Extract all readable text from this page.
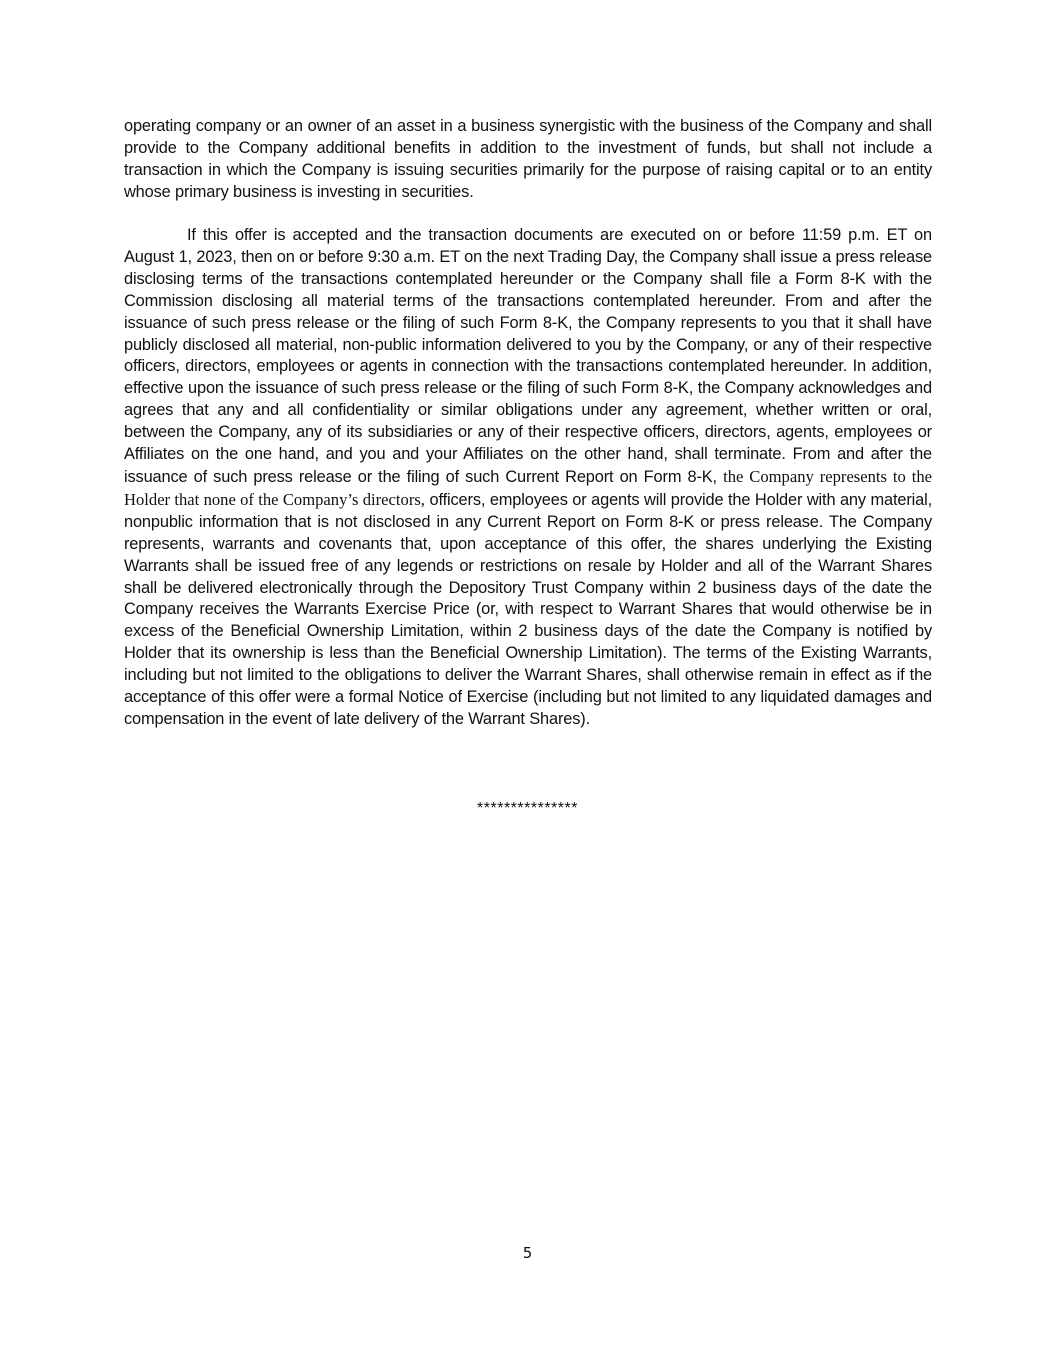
operating company or an owner of an asset in a business synergistic with the business of the Company and shall provide to the Company additional benefits in addition to the investment of funds, but shall not include a transaction in which the Company is issuing securities primarily for the purpose of raising capital or to an entity whose primary business is investing in securities.

If this offer is accepted and the transaction documents are executed on or before 11:59 p.m. ET on August 1, 2023, then on or before 9:30 a.m. ET on the next Trading Day, the Company shall issue a press release disclosing terms of the transactions contemplated hereunder or the Company shall file a Form 8-K with the Commission disclosing all material terms of the transactions contemplated hereunder. From and after the issuance of such press release or the filing of such Form 8-K, the Company represents to you that it shall have publicly disclosed all material, non-public information delivered to you by the Company, or any of their respective officers, directors, employees or agents in connection with the transactions contemplated hereunder. In addition, effective upon the issuance of such press release or the filing of such Form 8-K, the Company acknowledges and agrees that any and all confidentiality or similar obligations under any agreement, whether written or oral, between the Company, any of its subsidiaries or any of their respective officers, directors, agents, employees or Affiliates on the one hand, and you and your Affiliates on the other hand, shall terminate. From and after the issuance of such press release or the filing of such Current Report on Form 8-K, the Company represents to the Holder that none of the Company’s directors, officers, employees or agents will provide the Holder with any material, nonpublic information that is not disclosed in any Current Report on Form 8-K or press release. The Company represents, warrants and covenants that, upon acceptance of this offer, the shares underlying the Existing Warrants shall be issued free of any legends or restrictions on resale by Holder and all of the Warrant Shares shall be delivered electronically through the Depository Trust Company within 2 business days of the date the Company receives the Warrants Exercise Price (or, with respect to Warrant Shares that would otherwise be in excess of the Beneficial Ownership Limitation, within 2 business days of the date the Company is notified by Holder that its ownership is less than the Beneficial Ownership Limitation). The terms of the Existing Warrants, including but not limited to the obligations to deliver the Warrant Shares, shall otherwise remain in effect as if the acceptance of this offer were a formal Notice of Exercise (including but not limited to any liquidated damages and compensation in the event of late delivery of the Warrant Shares).

***************
5
